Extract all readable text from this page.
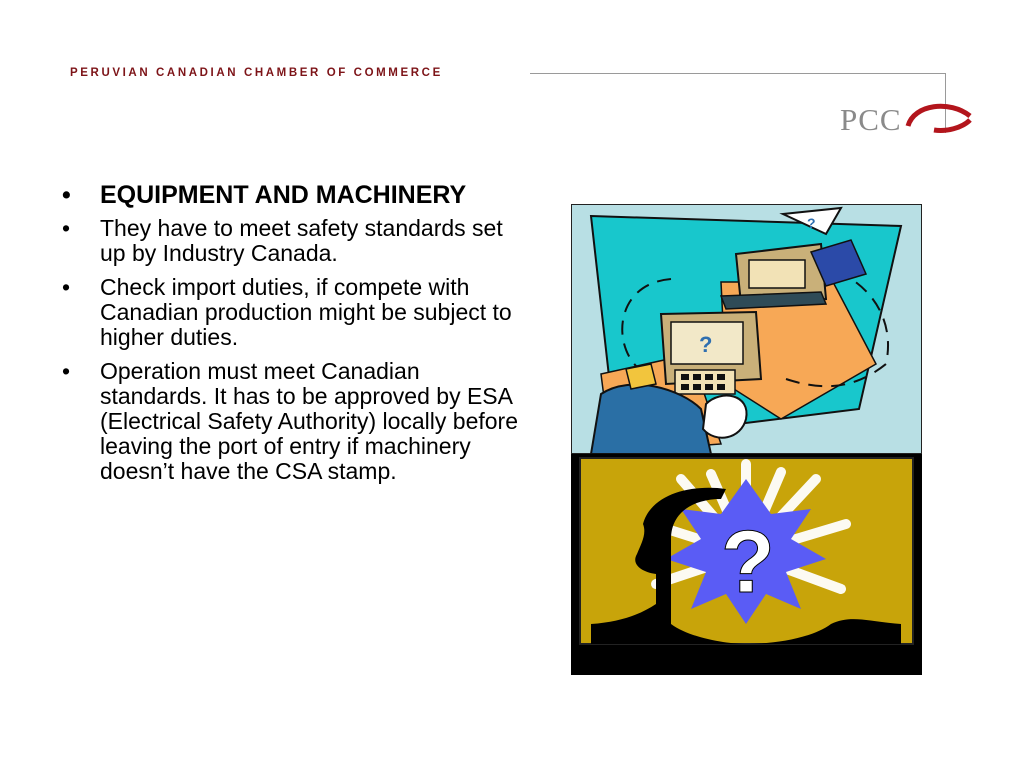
PERUVIAN CANADIAN CHAMBER OF COMMERCE
PCC
• EQUIPMENT AND MACHINERY
• They have to meet safety standards set up by Industry Canada.
• Check import duties, if compete with Canadian production might be subject to higher duties.
• Operation must meet Canadian standards. It has to be approved by ESA (Electrical Safety Authority) locally before leaving the port of entry if machinery doesn’t have the CSA stamp.
?
?
?
